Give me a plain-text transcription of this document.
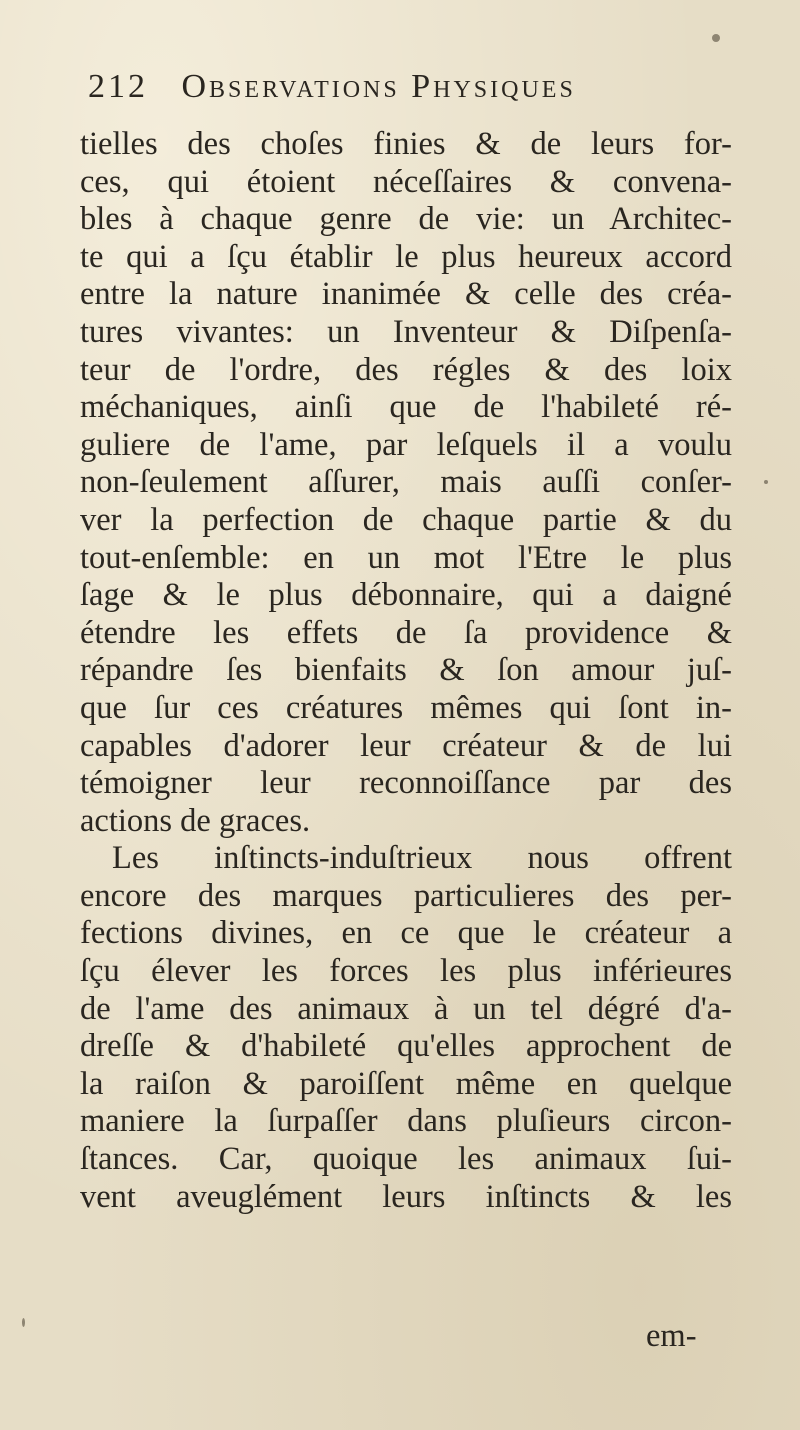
212 Observations Physiques
tielles des choſes finies & de leurs for-
ces, qui étoient néceſſaires & convena-
bles à chaque genre de vie: un Architec-
te qui a ſçu établir le plus heureux accord
entre la nature inanimée & celle des créa-
tures vivantes: un Inventeur & Diſpenſa-
teur de l'ordre, des régles & des loix
méchaniques, ainſi que de l'habileté ré-
guliere de l'ame, par leſquels il a voulu
non-ſeulement aſſurer, mais auſſi conſer-
ver la perfection de chaque partie & du
tout-enſemble: en un mot l'Etre le plus
ſage & le plus débonnaire, qui a daigné
étendre les effets de ſa providence &
répandre ſes bienfaits & ſon amour juſ-
que ſur ces créatures mêmes qui ſont in-
capables d'adorer leur créateur & de lui
témoigner leur reconnoiſſance par des
actions de graces.
Les inſtincts-induſtrieux nous offrent
encore des marques particulieres des per-
fections divines, en ce que le créateur a
ſçu élever les forces les plus inférieures
de l'ame des animaux à un tel dégré d'a-
dreſſe & d'habileté qu'elles approchent de
la raiſon & paroiſſent même en quelque
maniere la ſurpaſſer dans pluſieurs circon-
ſtances. Car, quoique les animaux ſui-
vent aveuglément leurs inſtincts & les
em-
